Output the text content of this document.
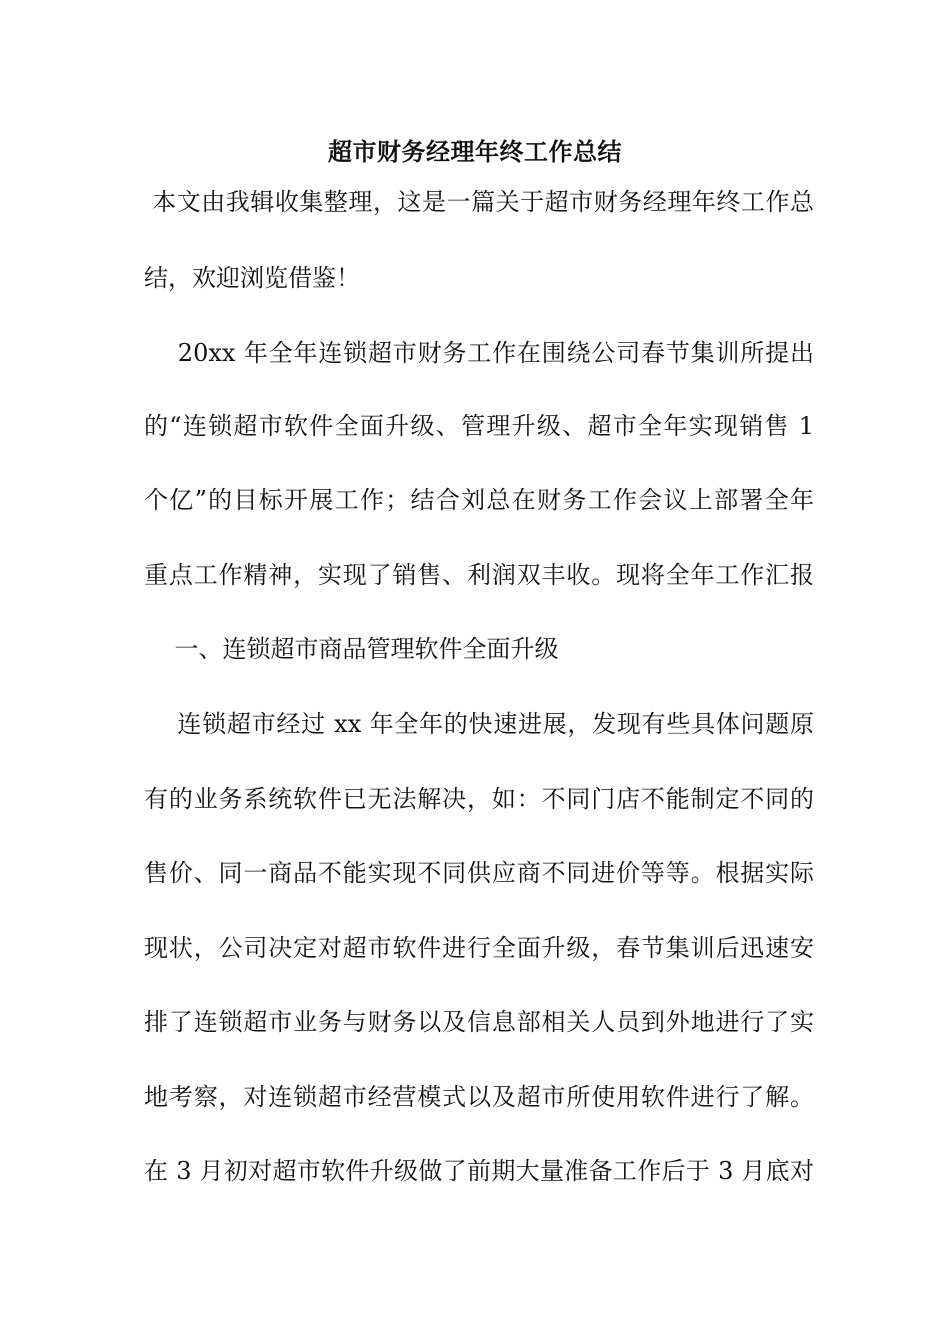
超市财务经理年终工作总结
本文由我辑收集整理，这是一篇关于超市财务经理年终工作总
结，欢迎浏览借鉴！
20xx 年全年连锁超市财务工作在围绕公司春节集训所提出
的“连锁超市软件全面升级、管理升级、超市全年实现销售 1
个亿”的目标开展工作；结合刘总在财务工作会议上部署全年
重点工作精神，实现了销售、利润双丰收。现将全年工作汇报
一、连锁超市商品管理软件全面升级
连锁超市经过 xx 年全年的快速进展，发现有些具体问题原
有的业务系统软件已无法解决，如：不同门店不能制定不同的
售价、同一商品不能实现不同供应商不同进价等等。根据实际
现状，公司决定对超市软件进行全面升级，春节集训后迅速安
排了连锁超市业务与财务以及信息部相关人员到外地进行了实
地考察，对连锁超市经营模式以及超市所使用软件进行了解。
在 3 月初对超市软件升级做了前期大量准备工作后于 3 月底对
